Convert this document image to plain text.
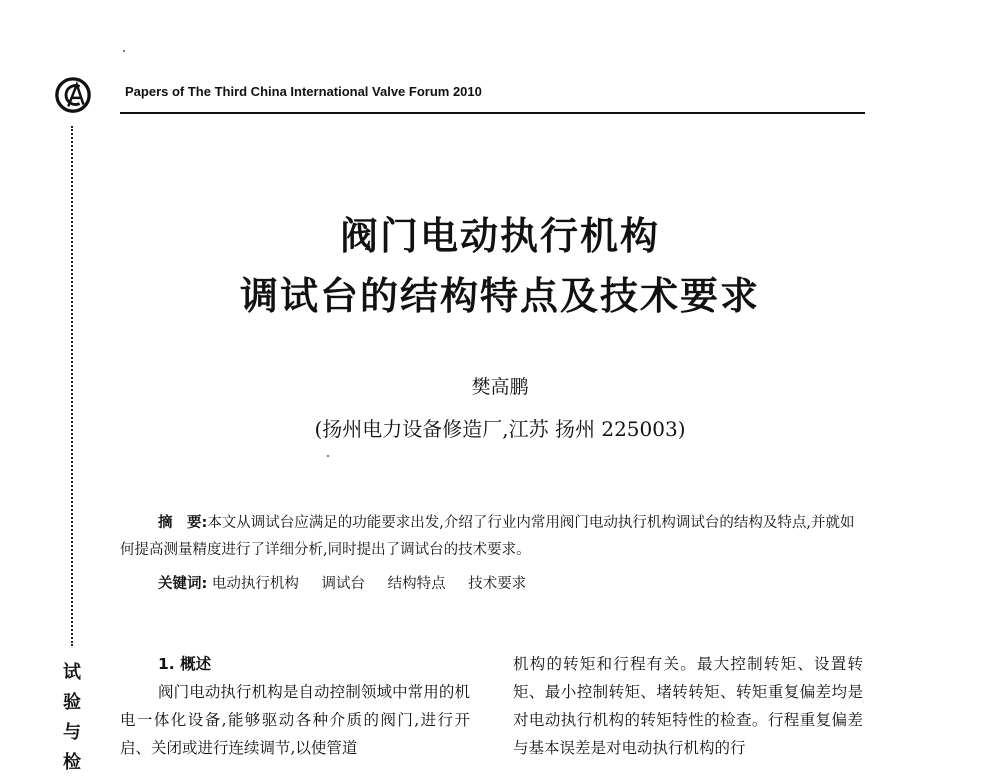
Papers of The Third China International Valve Forum 2010
试
验
与
检
阀门电动执行机构
调试台的结构特点及技术要求
樊高鹏
(扬州电力设备修造厂,江苏 扬州 225003)
摘　要:本文从调试台应满足的功能要求出发,介绍了行业内常用阀门电动执行机构调试台的结构及特点,并就如何提高测量精度进行了详细分析,同时提出了调试台的技术要求。
关键词: 电动执行机构 调试台 结构特点 技术要求
1. 概述
阀门电动执行机构是自动控制领域中常用的机电一体化设备,能够驱动各种介质的阀门,进行开启、关闭或进行连续调节,以使管道
机构的转矩和行程有关。最大控制转矩、设置转矩、最小控制转矩、堵转转矩、转矩重复偏差均是对电动执行机构的转矩特性的检查。行程重复偏差与基本误差是对电动执行机构的行
